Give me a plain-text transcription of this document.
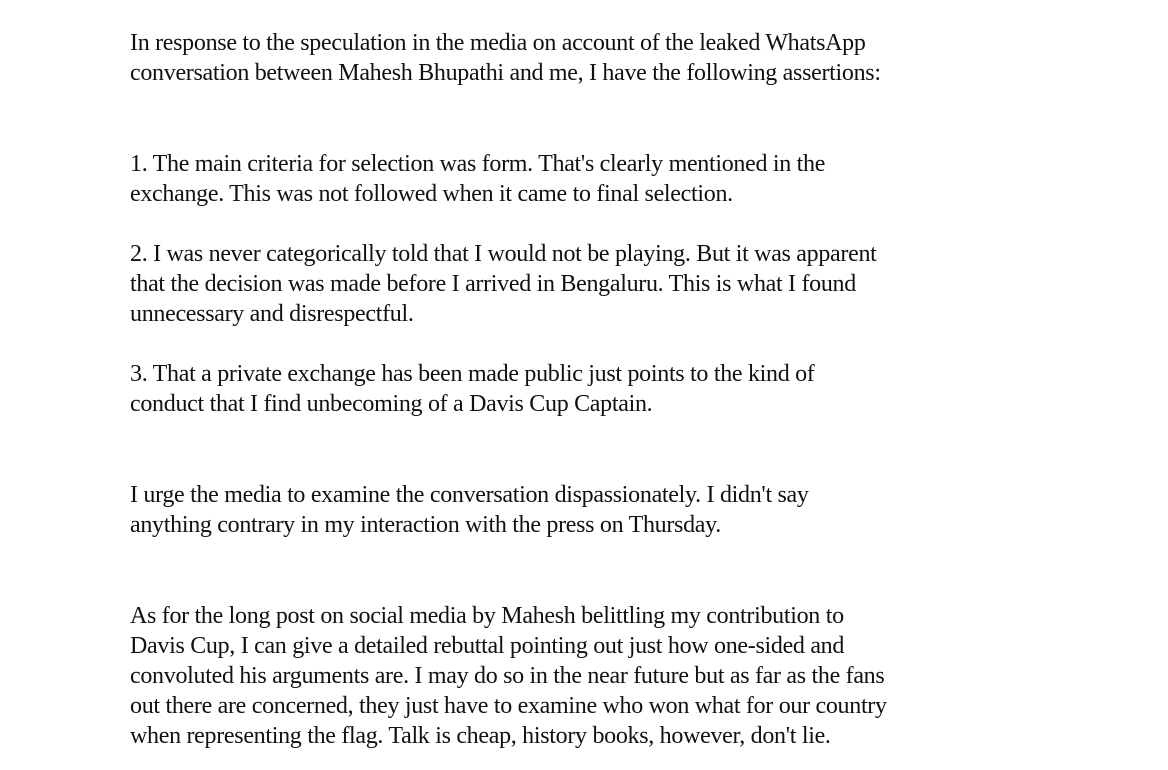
In response to the speculation in the media on account of the leaked WhatsApp
conversation between Mahesh Bhupathi and me, I have the following assertions:

1. The main criteria for selection was form. That's clearly mentioned in the
exchange. This was not followed when it came to final selection.

2. I was never categorically told that I would not be playing. But it was apparent
that the decision was made before I arrived in Bengaluru. This is what I found
unnecessary and disrespectful.

3. That a private exchange has been made public just points to the kind of
conduct that I find unbecoming of a Davis Cup Captain.

I urge the media to examine the conversation dispassionately. I didn't say
anything contrary in my interaction with the press on Thursday.

As for the long post on social media by Mahesh belittling my contribution to
Davis Cup, I can give a detailed rebuttal pointing out just how one-sided and
convoluted his arguments are. I may do so in the near future but as far as the fans
out there are concerned, they just have to examine who won what for our country
when representing the flag. Talk is cheap, history books, however, don't lie.
